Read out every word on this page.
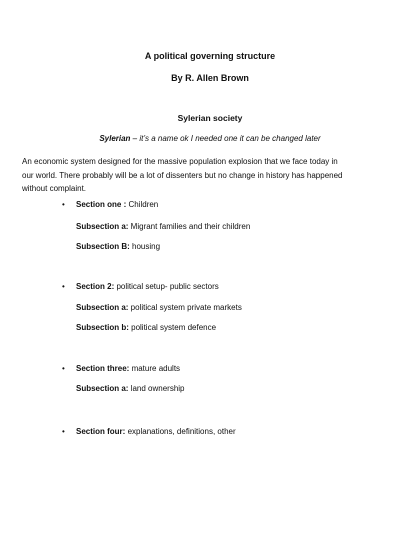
A political governing structure
By R. Allen Brown
Sylerian society
Sylerian – it’s a name ok I needed one it can be changed later
An economic system designed for the massive population explosion that we face today in
our world. There probably will be a lot of dissenters but no change in history has happened
without complaint.
• Section one : Children
Subsection a: Migrant families and their children
Subsection B: housing
• Section 2: political setup- public sectors
Subsection a: political system private markets
Subsection b: political system defence
• Section three: mature adults
Subsection a: land ownership
• Section four: explanations, definitions, other
